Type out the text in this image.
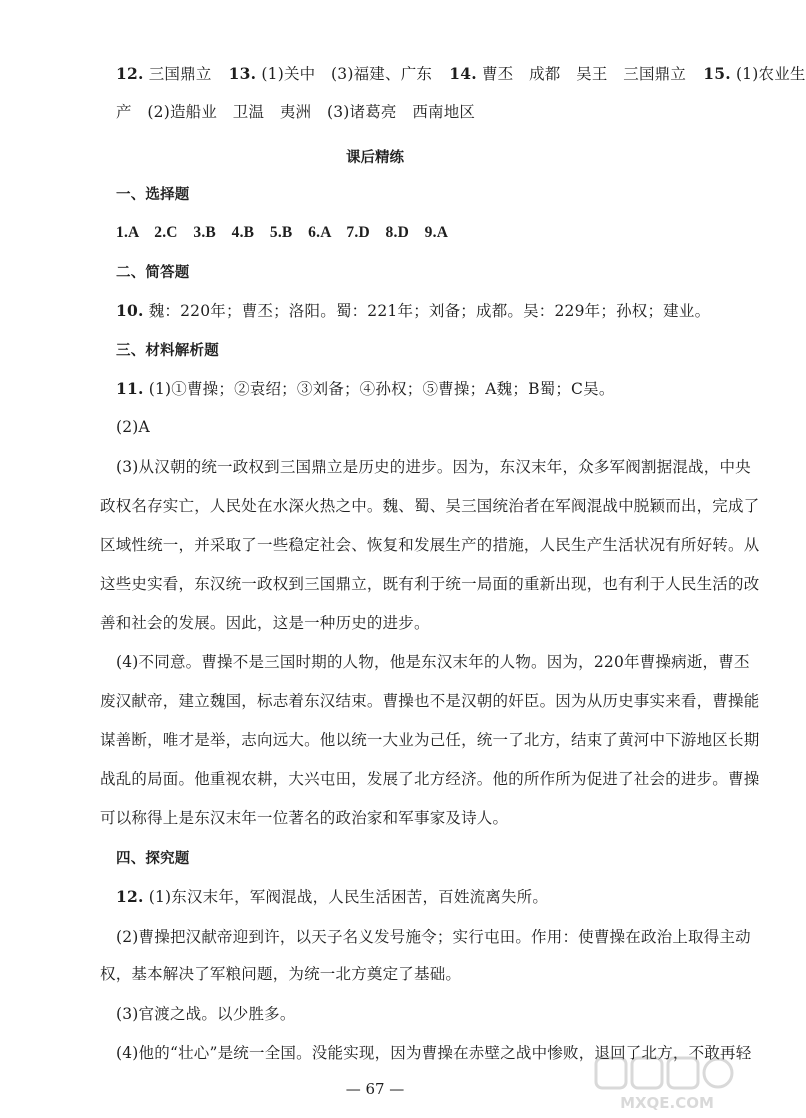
12. 三国鼎立 13. (1)关中　(3)福建、广东 14. 曹丕　成都　吴王　三国鼎立 15. (1)农业生
产　(2)造船业　卫温　夷洲　(3)诸葛亮　西南地区
课后精练
一、选择题
1.A　2.C　3.B　4.B　5.B　6.A　7.D　8.D　9.A
二、简答题
10. 魏：220年；曹丕；洛阳。蜀：221年；刘备；成都。吴：229年；孙权；建业。
三、材料解析题
11. (1)①曹操；②袁绍；③刘备；④孙权；⑤曹操；A魏；B蜀；C吴。
(2)A
(3)从汉朝的统一政权到三国鼎立是历史的进步。因为，东汉末年，众多军阀割据混战，中央
政权名存实亡，人民处在水深火热之中。魏、蜀、吴三国统治者在军阀混战中脱颖而出，完成了
区域性统一，并采取了一些稳定社会、恢复和发展生产的措施，人民生产生活状况有所好转。从
这些史实看，东汉统一政权到三国鼎立，既有利于统一局面的重新出现，也有利于人民生活的改
善和社会的发展。因此，这是一种历史的进步。
(4)不同意。曹操不是三国时期的人物，他是东汉末年的人物。因为，220年曹操病逝，曹丕
废汉献帝，建立魏国，标志着东汉结束。曹操也不是汉朝的奸臣。因为从历史事实来看，曹操能
谋善断，唯才是举，志向远大。他以统一大业为己任，统一了北方，结束了黄河中下游地区长期
战乱的局面。他重视农耕，大兴屯田，发展了北方经济。他的所作所为促进了社会的进步。曹操
可以称得上是东汉末年一位著名的政治家和军事家及诗人。
四、探究题
12. (1)东汉末年，军阀混战，人民生活困苦，百姓流离失所。
(2)曹操把汉献帝迎到许，以天子名义发号施令；实行屯田。作用：使曹操在政治上取得主动
权，基本解决了军粮问题，为统一北方奠定了基础。
(3)官渡之战。以少胜多。
(4)他的“壮心”是统一全国。没能实现，因为曹操在赤壁之战中惨败，退回了北方，不敢再轻
— 67 —
MXQE.COM
